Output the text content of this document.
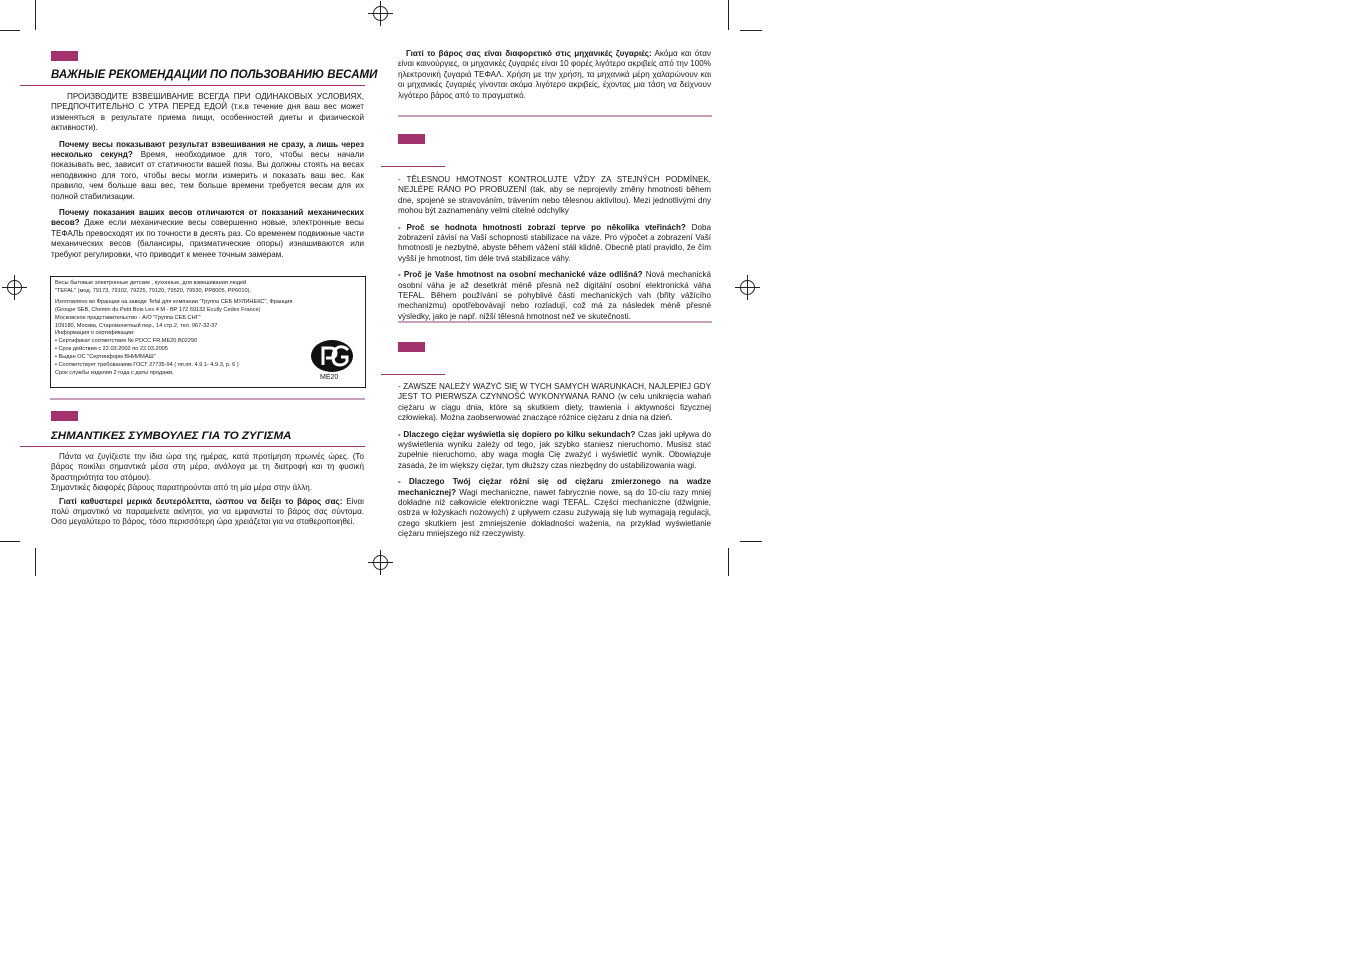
ВАЖНЫЕ РЕКОМЕНДАЦИИ ПО ПОЛЬЗОВАНИЮ ВЕСАМИ

ПРОИЗВОДИТЕ ВЗВЕШИВАНИЕ ВСЕГДА ПРИ ОДИНАКОВЫХ УСЛОВИЯХ, ПРЕДПОЧТИТЕЛЬНО С УТРА ПЕРЕД ЕДОЙ (т.к.в течение дня ваш вес может изменяться в результате приема пищи, особенностей диеты и физической активности).

Почему весы показывают результат взвешивания не сразу, а лишь через несколько секунд? Время, необходимое для того, чтобы весы начали показывать вес, зависит от статичности вашей позы. Вы должны стоять на весах неподвижно для того, чтобы весы могли измерить и показать ваш вес. Как правило, чем больше ваш вес, тем больше времени требуется весам для их полной стабилизации.

Почему показания ваших весов отличаются от показаний механических весов? Даже если механические весы совершенно новые, электронные весы ТЕФАЛЬ превосходят их по точности в десять раз. Со временем подвижные части механических весов (балансиры, призматические опоры) изнашиваются или требуют регулировки, что приводит к менее точным замерам.

Весы бытовые электронные детские , кухонные, для взвешивания людей
"TEFAL" (мод. 79173, 79102, 79225, 79120, 79520, 79530, PP8005, PP6010).
Изготовлено во Франции на заводе Tefal для компании "Группа СЕБ МУЛИНЕКС", Франция
(Groupe SEB, Chemin du Petit Bois Les 4 M - BP 172 69132 Ecully Cedex France)
Московское представительство - А/О "Группа СЕБ СНГ"
109180, Москва, Старомонетный пер., 14 стр.2, тел. 967-32-37
Информация о сертификации:
• Сертификат соответствия № РОСС FR.ME20.B02290
• Срок действия с 22.03.2002 по 22.03.2005
• Выдан ОС "Сертинформ ВНИИМАШ"
• Соответствует требованиям ГОСТ 27735-94 ( пп.пп. 4.9.1- 4.9.3, р. 6 )
Срок службы изделия 2 года с даты продажи.
ME20
ΣΗΜΑΝΤΙΚΕΣ ΣΥΜΒΟΥΛΕΣ ΓΙΑ ΤΟ ΖΥΓΙΣΜΑ

Πάντα να ζυγίζεστε την ίδια ώρα της ημέρας, κατά προτίμηση πρωινές ώρες. (Το βάρος ποικίλει σημαντικά μέσα στη μέρα, ανάλογα με τη διατροφή και τη φυσική δραστηριότητα του ατόμου).
Σημαντικές διαφορές βάρους παρατηρούνται από τη μία μέρα στην άλλη.

Γιατί καθυστερεί μερικά δευτερόλεπτα, ώσπου να δείξει το βάρος σας: Είναι πολύ σημαντικό να παραμείνετε ακίνητοι, για να εμφανιστεί το βάρος σας σύντομα. Οσο μεγαλύτερο το βάρος, τόσο περισσότερη ώρα χρειάζεται για να σταθεροποιηθεί.

Γιατί το βάρος σας είναι διαφορετικό στις μηχανικές ζυγαριές: Ακόμα και όταν είναι καινούργιες, οι μηχανικές ζυγαριές είναι 10 φορές λιγότερο ακριβείς από την 100% ηλεκτρονική ζυγαριά ΤΕΦΑΛ. Χρήση με την χρήση, τα μηχανικά μέρη χαλαρώνουν και οι μηχανικές ζυγαριές γίνονται ακόμα λιγότερο ακριβείς, έχοντας μια τάση να δείχνουν λιγότερο βάρος από το πραγματικό.

- TĚLESNOU HMOTNOST KONTROLUJTE VŽDY ZA STEJNÝCH PODMÍNEK, NEJLÉPE RÁNO PO PROBUZENÍ (tak, aby se neprojevily změny hmotnosti během dne, spojené se stravováním, trávením nebo tělesnou aktivitou). Mezi jednotlivými dny mohou být zaznamenány velmi citelné odchylky

- Proč se hodnota hmotnosti zobrazí teprve po několika vteřinách? Doba zobrazení závisí na Vaší schopnosti stabilizace na váze. Pro výpočet a zobrazení Vaší hmotnosti je nezbytné, abyste během vážení stáli klidně. Obecně platí pravidlo, že čím vyšší je hmotnost, tím déle trvá stabilizace váhy.

- Proč je Vaše hmotnost na osobní mechanické váze odlišná? Nová mechanická osobní váha je až desetkrát méně přesná než digitální osobní elektronická váha TEFAL. Během používání se pohyblivé části mechanických vah (břity vážícího mechanizmu) opotřebovávají nebo rozladují, což má za následek méně přesné výsledky, jako je např. nižší tělesná hmotnost než ve skutečnosti.

- ZAWSZE NALEŻY WAŻYĆ SIĘ W TYCH SAMYCH WARUNKACH, NAJLEPIEJ GDY JEST TO PIERWSZA CZYNNOŚĆ WYKONYWANA RANO (w celu uniknięcia wahań ciężaru w ciągu dnia, które są skutkiem diety, trawienia i aktywności fizycznej człowieka). Można zaobserwować znaczące różnice ciężaru z dnia na dzień.

- Dlaczego ciężar wyświetla się dopiero po kilku sekundach? Czas jaki upływa do wyświetlenia wyniku zależy od tego, jak szybko staniesz nieruchomo. Musisz stać zupełnie nieruchomo, aby waga mogła Cię zważyć i wyświetlić wynik. Obowiązuje zasada, że im większy ciężar, tym dłuższy czas niezbędny do ustabilizowania wagi.

- Dlaczego Twój ciężar różni się od ciężaru zmierzonego na wadze mechanicznej? Wagi mechaniczne, nawet fabrycznie nowe, są do 10-ciu razy mniej dokładne niż całkowicie elektroniczne wagi TEFAL. Części mechaniczne (dźwignie, ostrza w łożyskach nożowych) z upływem czasu zużywają się lub wymagają regulacji, czego skutkiem jest zmniejszenie dokładności ważenia, na przykład wyświetlanie ciężaru mniejszego niż rzeczywisty.
